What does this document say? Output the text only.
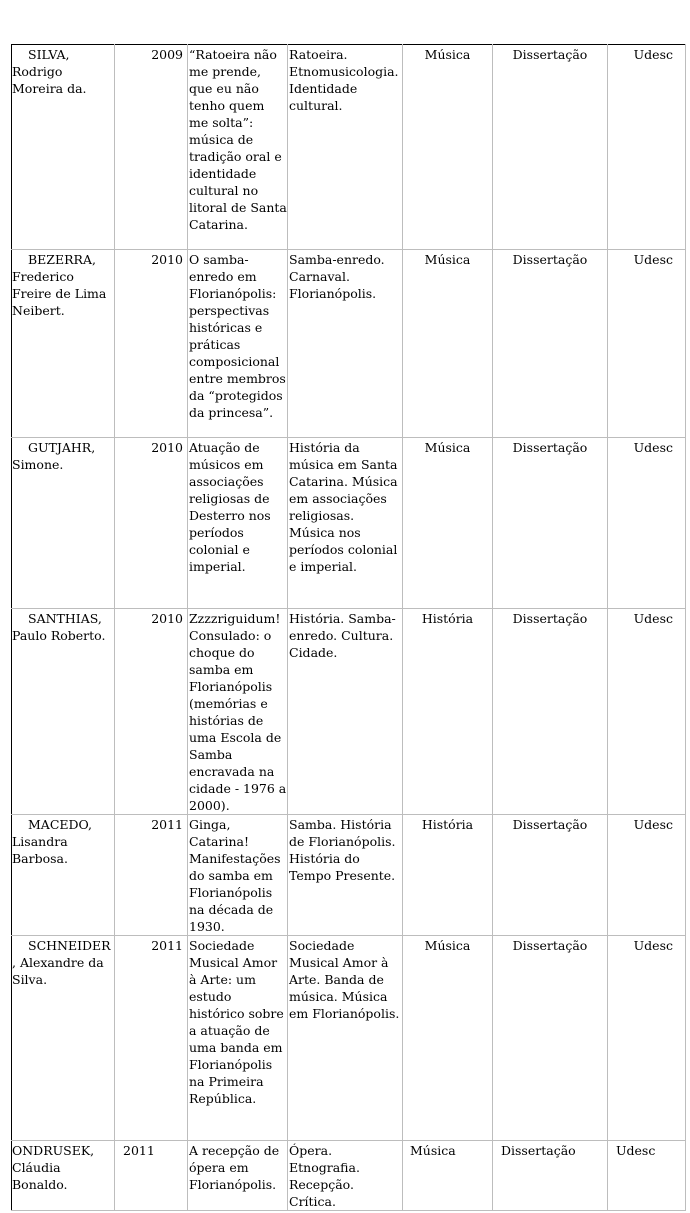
SILVA, Rodrigo Moreira da.	2009	“Ratoeira não me prende, que eu não tenho quem me solta”: música de tradição oral e identidade cultural no litoral de Santa Catarina.	Ratoeira. Etnomusicologia. Identidade cultural.	Música	Dissertação	Udesc
BEZERRA, Frederico Freire de Lima Neibert.	2010	O samba-enredo em Florianópolis: perspectivas históricas e práticas composicional entre membros da “protegidos da princesa”.	Samba-enredo. Carnaval. Florianópolis.	Música	Dissertação	Udesc
GUTJAHR, Simone.	2010	Atuação de músicos em associações religiosas de Desterro nos períodos colonial e imperial.	História da música em Santa Catarina. Música em associações religiosas. Música nos períodos colonial e imperial.	Música	Dissertação	Udesc
SANTHIAS, Paulo Roberto.	2010	Zzzzriguidum! Consulado: o choque do samba em Florianópolis (memórias e histórias de uma Escola de Samba encravada na cidade - 1976 a 2000).	História. Samba-enredo. Cultura. Cidade.	História	Dissertação	Udesc
MACEDO, Lisandra Barbosa.	2011	Ginga, Catarina! Manifestações do samba em Florianópolis na década de 1930.	Samba. História de Florianópolis. História do Tempo Presente.	História	Dissertação	Udesc
SCHNEIDER, Alexandre da Silva.	2011	Sociedade Musical Amor à Arte: um estudo histórico sobre a atuação de uma banda em Florianópolis na Primeira República.	Sociedade Musical Amor à Arte. Banda de música. Música em Florianópolis.	Música	Dissertação	Udesc
ONDRUSEK, Cláudia Bonaldo.	2011	A recepção de ópera em Florianópolis.	Ópera. Etnografia. Recepção. Crítica.	Música	Dissertação	Udesc
